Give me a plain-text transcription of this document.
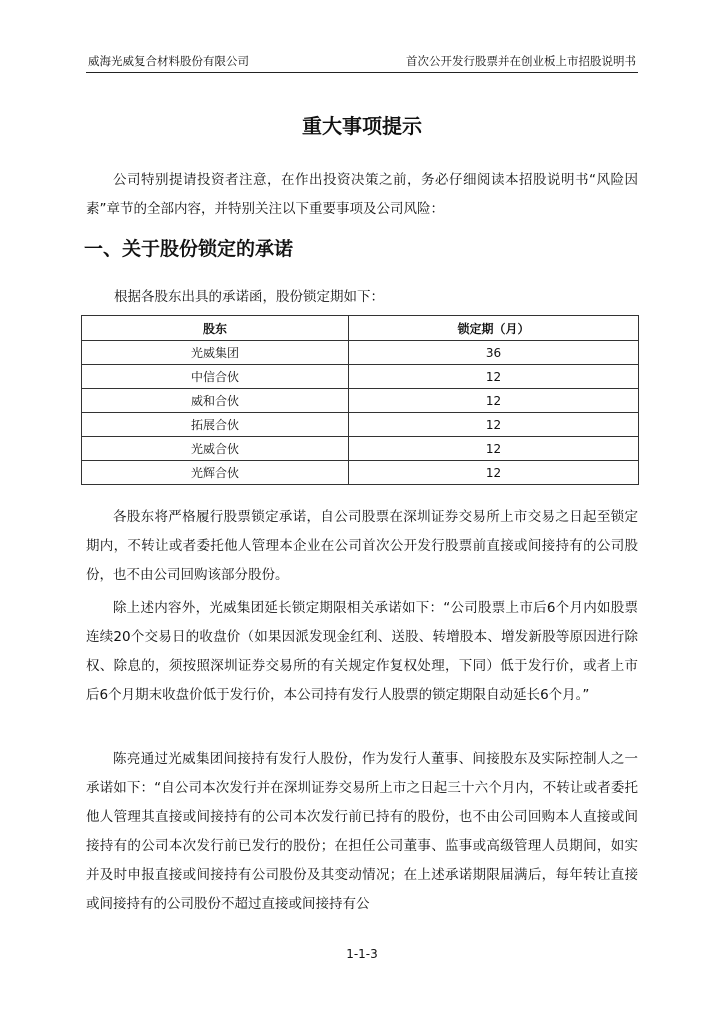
威海光威复合材料股份有限公司	首次公开发行股票并在创业板上市招股说明书
重大事项提示

公司特别提请投资者注意，在作出投资决策之前，务必仔细阅读本招股说明书“风险因素”章节的全部内容，并特别关注以下重要事项及公司风险：

一、关于股份锁定的承诺
根据各股东出具的承诺函，股份锁定期如下：
股东	锁定期（月）
光威集团	36
中信合伙	12
威和合伙	12
拓展合伙	12
光威合伙	12
光辉合伙	12

各股东将严格履行股票锁定承诺，自公司股票在深圳证券交易所上市交易之日起至锁定期内，不转让或者委托他人管理本企业在公司首次公开发行股票前直接或间接持有的公司股份，也不由公司回购该部分股份。

除上述内容外，光威集团延长锁定期限相关承诺如下：“公司股票上市后6个月内如股票连续20个交易日的收盘价（如果因派发现金红利、送股、转增股本、增发新股等原因进行除权、除息的，须按照深圳证券交易所的有关规定作复权处理，下同）低于发行价，或者上市后6个月期末收盘价低于发行价，本公司持有发行人股票的锁定期限自动延长6个月。”

陈亮通过光威集团间接持有发行人股份，作为发行人董事、间接股东及实际控制人之一承诺如下：“自公司本次发行并在深圳证券交易所上市之日起三十六个月内，不转让或者委托他人管理其直接或间接持有的公司本次发行前已持有的股份，也不由公司回购本人直接或间接持有的公司本次发行前已发行的股份；在担任公司董事、监事或高级管理人员期间，如实并及时申报直接或间接持有公司股份及其变动情况；在上述承诺期限届满后，每年转让直接或间接持有的公司股份不超过直接或间接持有公

1-1-3
